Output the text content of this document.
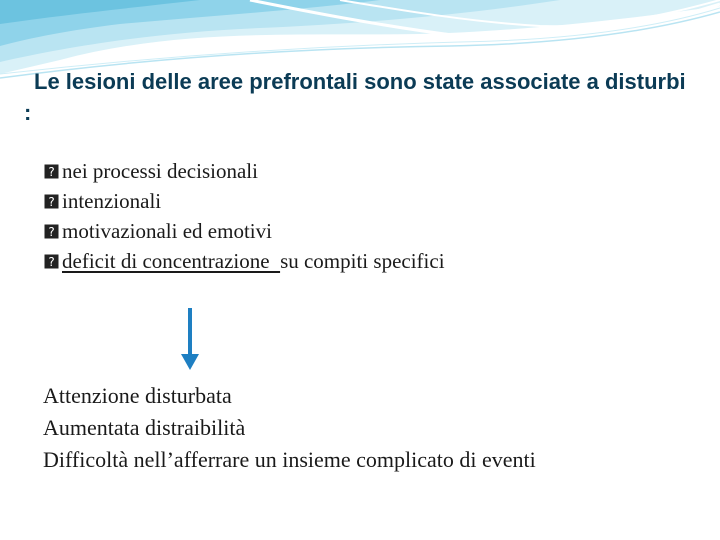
Le lesioni delle aree prefrontali sono state associate a disturbi :
? nei processi decisionali
? intenzionali
? motivazionali ed emotivi
? deficit di concentrazione  su compiti specifici
Attenzione disturbata
Aumentata distraibilità
Difficoltà nell’afferrare un insieme complicato di eventi
